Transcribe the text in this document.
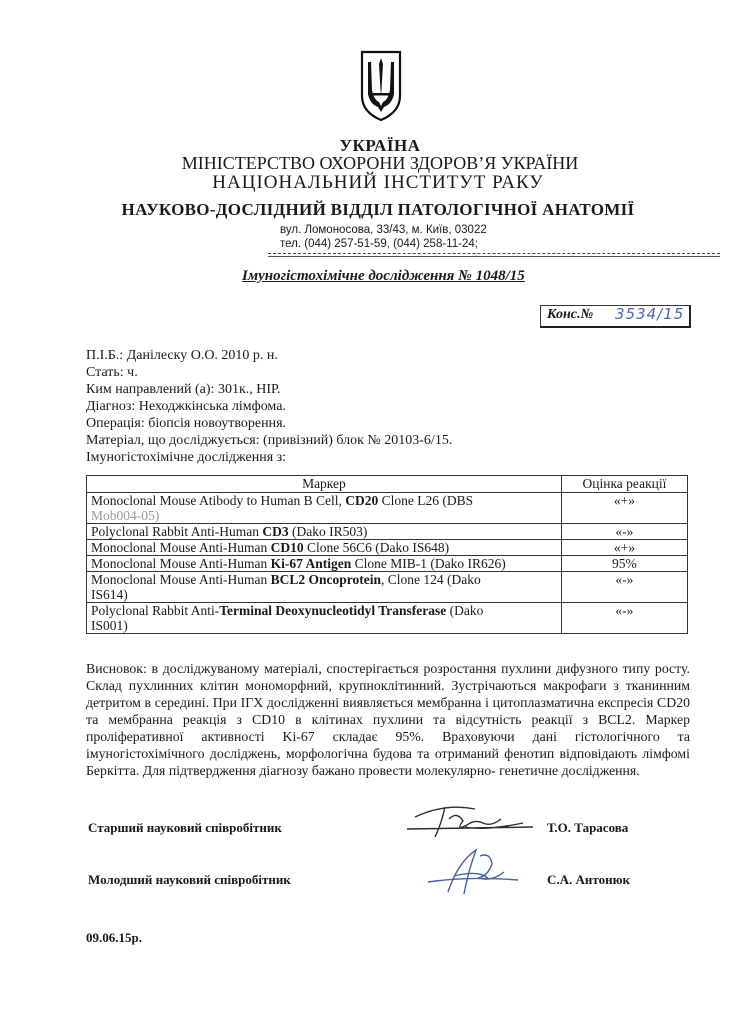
УКРАЇНА
МІНІСТЕРСТВО ОХОРОНИ ЗДОРОВ’Я УКРАЇНИ
НАЦІОНАЛЬНИЙ ІНСТИТУТ РАКУ
НАУКОВО-ДОСЛІДНИЙ ВІДДІЛ ПАТОЛОГІЧНОЇ АНАТОМІЇ
вул. Ломоносова, 33/43, м. Київ, 03022
тел. (044) 257-51-59, (044) 258-11-24;
Імуногістохімічне дослідження № 1048/15
Конс.№ 3534/15
П.І.Б.: Данілеску О.О. 2010 р. н.
Стать: ч.
Ким направлений (а): 301к., НІР.
Діагноз: Неходжкінська лімфома.
Операція: біопсія новоутворення.
Матеріал, що досліджується: (привізний) блок № 20103-6/15.
Імуногістохімічне дослідження з:
Маркер	Оцінка реакції
Monoclonal Mouse Atibody to Human B Cell, CD20 Clone L26 (DBS
Mob004-05)	«+»
Polyclonal Rabbit Anti-Human CD3 (Dako IR503)	«-»
Monoclonal Mouse Anti-Human CD10 Clone 56C6 (Dako IS648)	«+»
Monoclonal Mouse Anti-Human Ki-67 Antigen Clone MIB-1 (Dako IR626)	95%
Monoclonal Mouse Anti-Human BCL2 Oncoprotein, Clone 124 (Dako
IS614)	«-»
Polyclonal Rabbit Anti-Terminal Deoxynucleotidyl Transferase (Dako
IS001)	«-»
Висновок: в досліджуваному матеріалі, спостерігається розростання пухлини дифузного типу росту. Склад пухлинних клітин мономорфний, крупноклітинний. Зустрічаються макрофаги з тканинним детритом в середині. При ІГХ дослідженні виявляється мембранна і цитоплазматична експресія CD20 та мембранна реакція з CD10 в клітинах пухлини та відсутність реакції з BCL2. Маркер проліферативної активності Ki-67 складає 95%. Враховуючи дані гістологічного та імуногістохімічного досліджень, морфологічна будова та отриманий фенотип відповідають лімфомі Беркітта. Для підтвердження діагнозу бажано провести молекулярно- генетичне дослідження.
Старший науковий співробітник	Т.О. Тарасова
Молодший науковий співробітник	С.А. Антонюк
09.06.15р.
